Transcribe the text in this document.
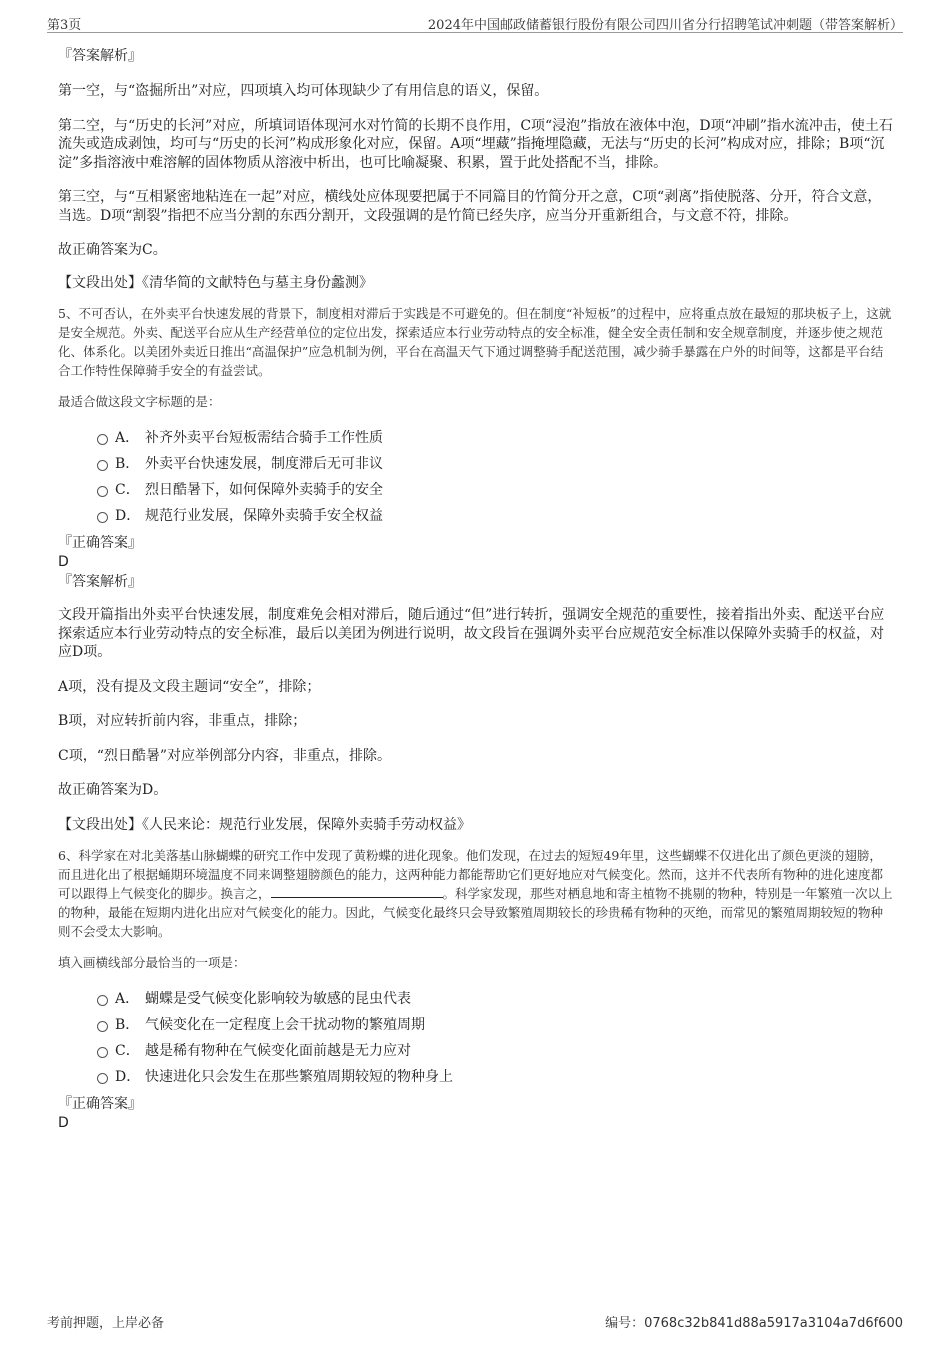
第3页	2024年中国邮政储蓄银行股份有限公司四川省分行招聘笔试冲刺题（带答案解析）
『答案解析』

第一空，与“盗掘所出”对应，四项填入均可体现缺少了有用信息的语义，保留。

第二空，与“历史的长河”对应，所填词语体现河水对竹简的长期不良作用，C项“浸泡”指放在液体中泡，D项“冲刷”指水流冲击，使土石流失或造成剥蚀，均可与“历史的长河”构成形象化对应，保留。A项“埋藏”指掩埋隐藏，无法与“历史的长河”构成对应，排除；B项“沉淀”多指溶液中难溶解的固体物质从溶液中析出，也可比喻凝聚、积累，置于此处搭配不当，排除。

第三空，与“互相紧密地粘连在一起”对应，横线处应体现要把属于不同篇目的竹简分开之意，C项“剥离”指使脱落、分开，符合文意，当选。D项“割裂”指把不应当分割的东西分割开，文段强调的是竹简已经失序，应当分开重新组合，与文意不符，排除。

故正确答案为C。

【文段出处】《清华简的文献特色与墓主身份蠡测》

5、不可否认，在外卖平台快速发展的背景下，制度相对滞后于实践是不可避免的。但在制度“补短板”的过程中，应将重点放在最短的那块板子上，这就是安全规范。外卖、配送平台应从生产经营单位的定位出发，探索适应本行业劳动特点的安全标准，健全安全责任制和安全规章制度，并逐步使之规范化、体系化。以美团外卖近日推出“高温保护”应急机制为例，平台在高温天气下通过调整骑手配送范围，减少骑手暴露在户外的时间等，这都是平台结合工作特性保障骑手安全的有益尝试。

最适合做这段文字标题的是：

A． 补齐外卖平台短板需结合骑手工作性质
B． 外卖平台快速发展，制度滞后无可非议
C． 烈日酷暑下，如何保障外卖骑手的安全
D． 规范行业发展，保障外卖骑手安全权益
『正确答案』
D
『答案解析』

文段开篇指出外卖平台快速发展，制度难免会相对滞后，随后通过“但”进行转折，强调安全规范的重要性，接着指出外卖、配送平台应探索适应本行业劳动特点的安全标准，最后以美团为例进行说明，故文段旨在强调外卖平台应规范安全标准以保障外卖骑手的权益，对应D项。

A项，没有提及文段主题词“安全”，排除；

B项，对应转折前内容，非重点，排除；

C项，“烈日酷暑”对应举例部分内容，非重点，排除。

故正确答案为D。

【文段出处】《人民来论：规范行业发展，保障外卖骑手劳动权益》

6、科学家在对北美落基山脉蝴蝶的研究工作中发现了黄粉蝶的进化现象。他们发现，在过去的短短49年里，这些蝴蝶不仅进化出了颜色更淡的翅膀，而且进化出了根据蛹期环境温度不同来调整翅膀颜色的能力，这两种能力都能帮助它们更好地应对气候变化。然而，这并不代表所有物种的进化速度都可以跟得上气候变化的脚步。换言之，	。科学家发现，那些对栖息地和寄主植物不挑剔的物种，特别是一年繁殖一次以上的物种，最能在短期内进化出应对气候变化的能力。因此，气候变化最终只会导致繁殖周期较长的珍贵稀有物种的灭绝，而常见的繁殖周期较短的物种则不会受太大影响。

填入画横线部分最恰当的一项是：

A． 蝴蝶是受气候变化影响较为敏感的昆虫代表
B． 气候变化在一定程度上会干扰动物的繁殖周期
C． 越是稀有物种在气候变化面前越是无力应对
D． 快速进化只会发生在那些繁殖周期较短的物种身上
『正确答案』
D
考前押题，上岸必备	编号：0768c32b841d88a5917a3104a7d6f600
